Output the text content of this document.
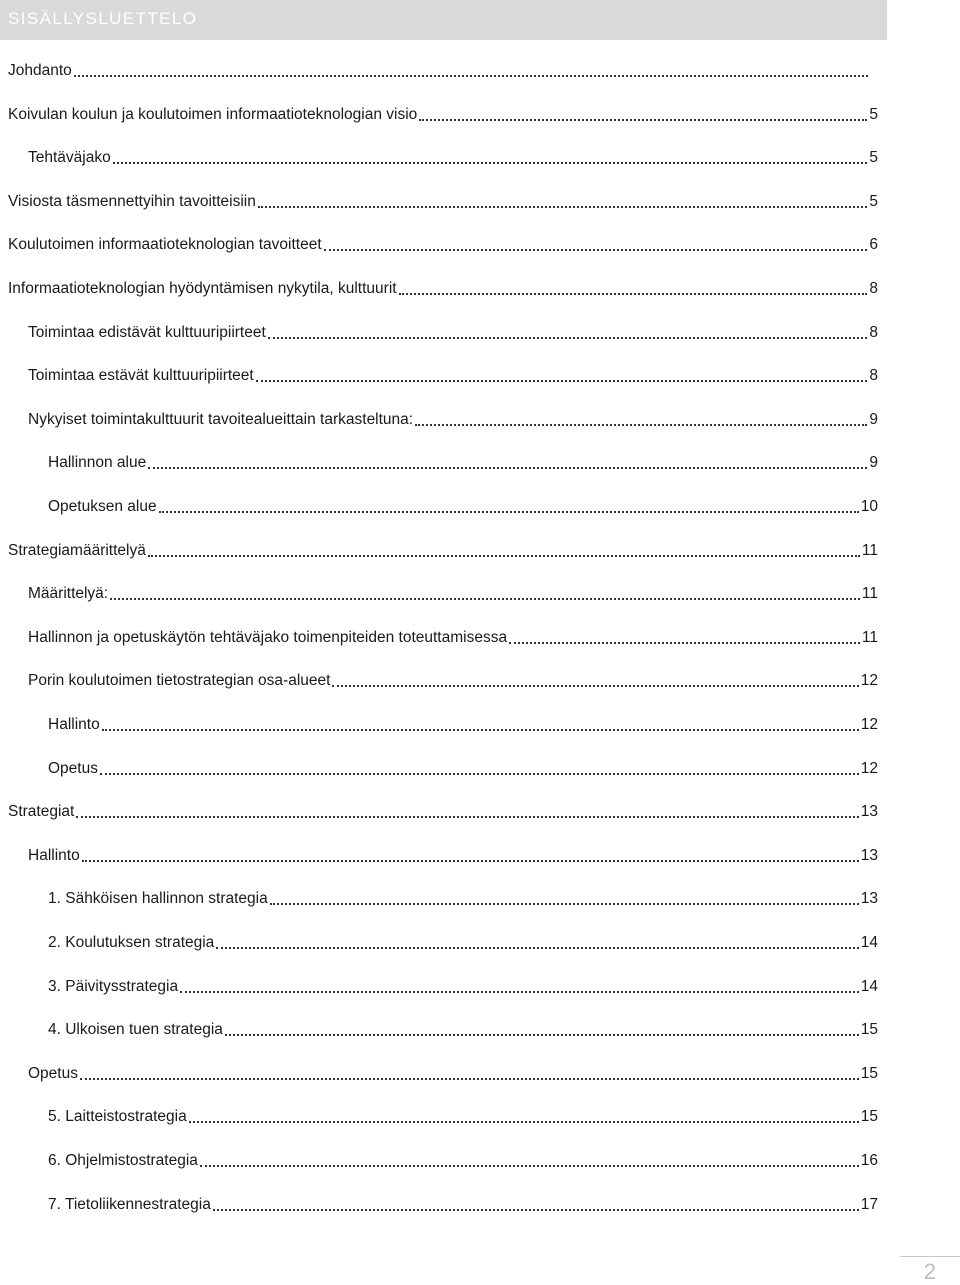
SISÄLLYSLUETTELO
Johdanto
Koivulan koulun ja koulutoimen informaatioteknologian visio	5
Tehtäväjako	5
Visiosta täsmennettyihin tavoitteisiin	5
Koulutoimen informaatioteknologian tavoitteet	6
Informaatioteknologian hyödyntämisen nykytila, kulttuurit	8
Toimintaa edistävät kulttuuripiirteet	8
Toimintaa estävät kulttuuripiirteet	8
Nykyiset toimintakulttuurit tavoitealueittain tarkasteltuna:	9
Hallinnon alue	9
Opetuksen alue	10
Strategiamäärittelyä	11
Määrittelyä:	11
Hallinnon ja opetuskäytön tehtäväjako toimenpiteiden toteuttamisessa	11
Porin koulutoimen tietostrategian osa-alueet	12
Hallinto	12
Opetus	12
Strategiat	13
Hallinto	13
1. Sähköisen hallinnon strategia	13
2. Koulutuksen strategia	14
3. Päivitysstrategia	14
4. Ulkoisen tuen strategia	15
Opetus	15
5. Laitteistostrategia	15
6. Ohjelmistostrategia	16
7. Tietoliikennestrategia	17
2
